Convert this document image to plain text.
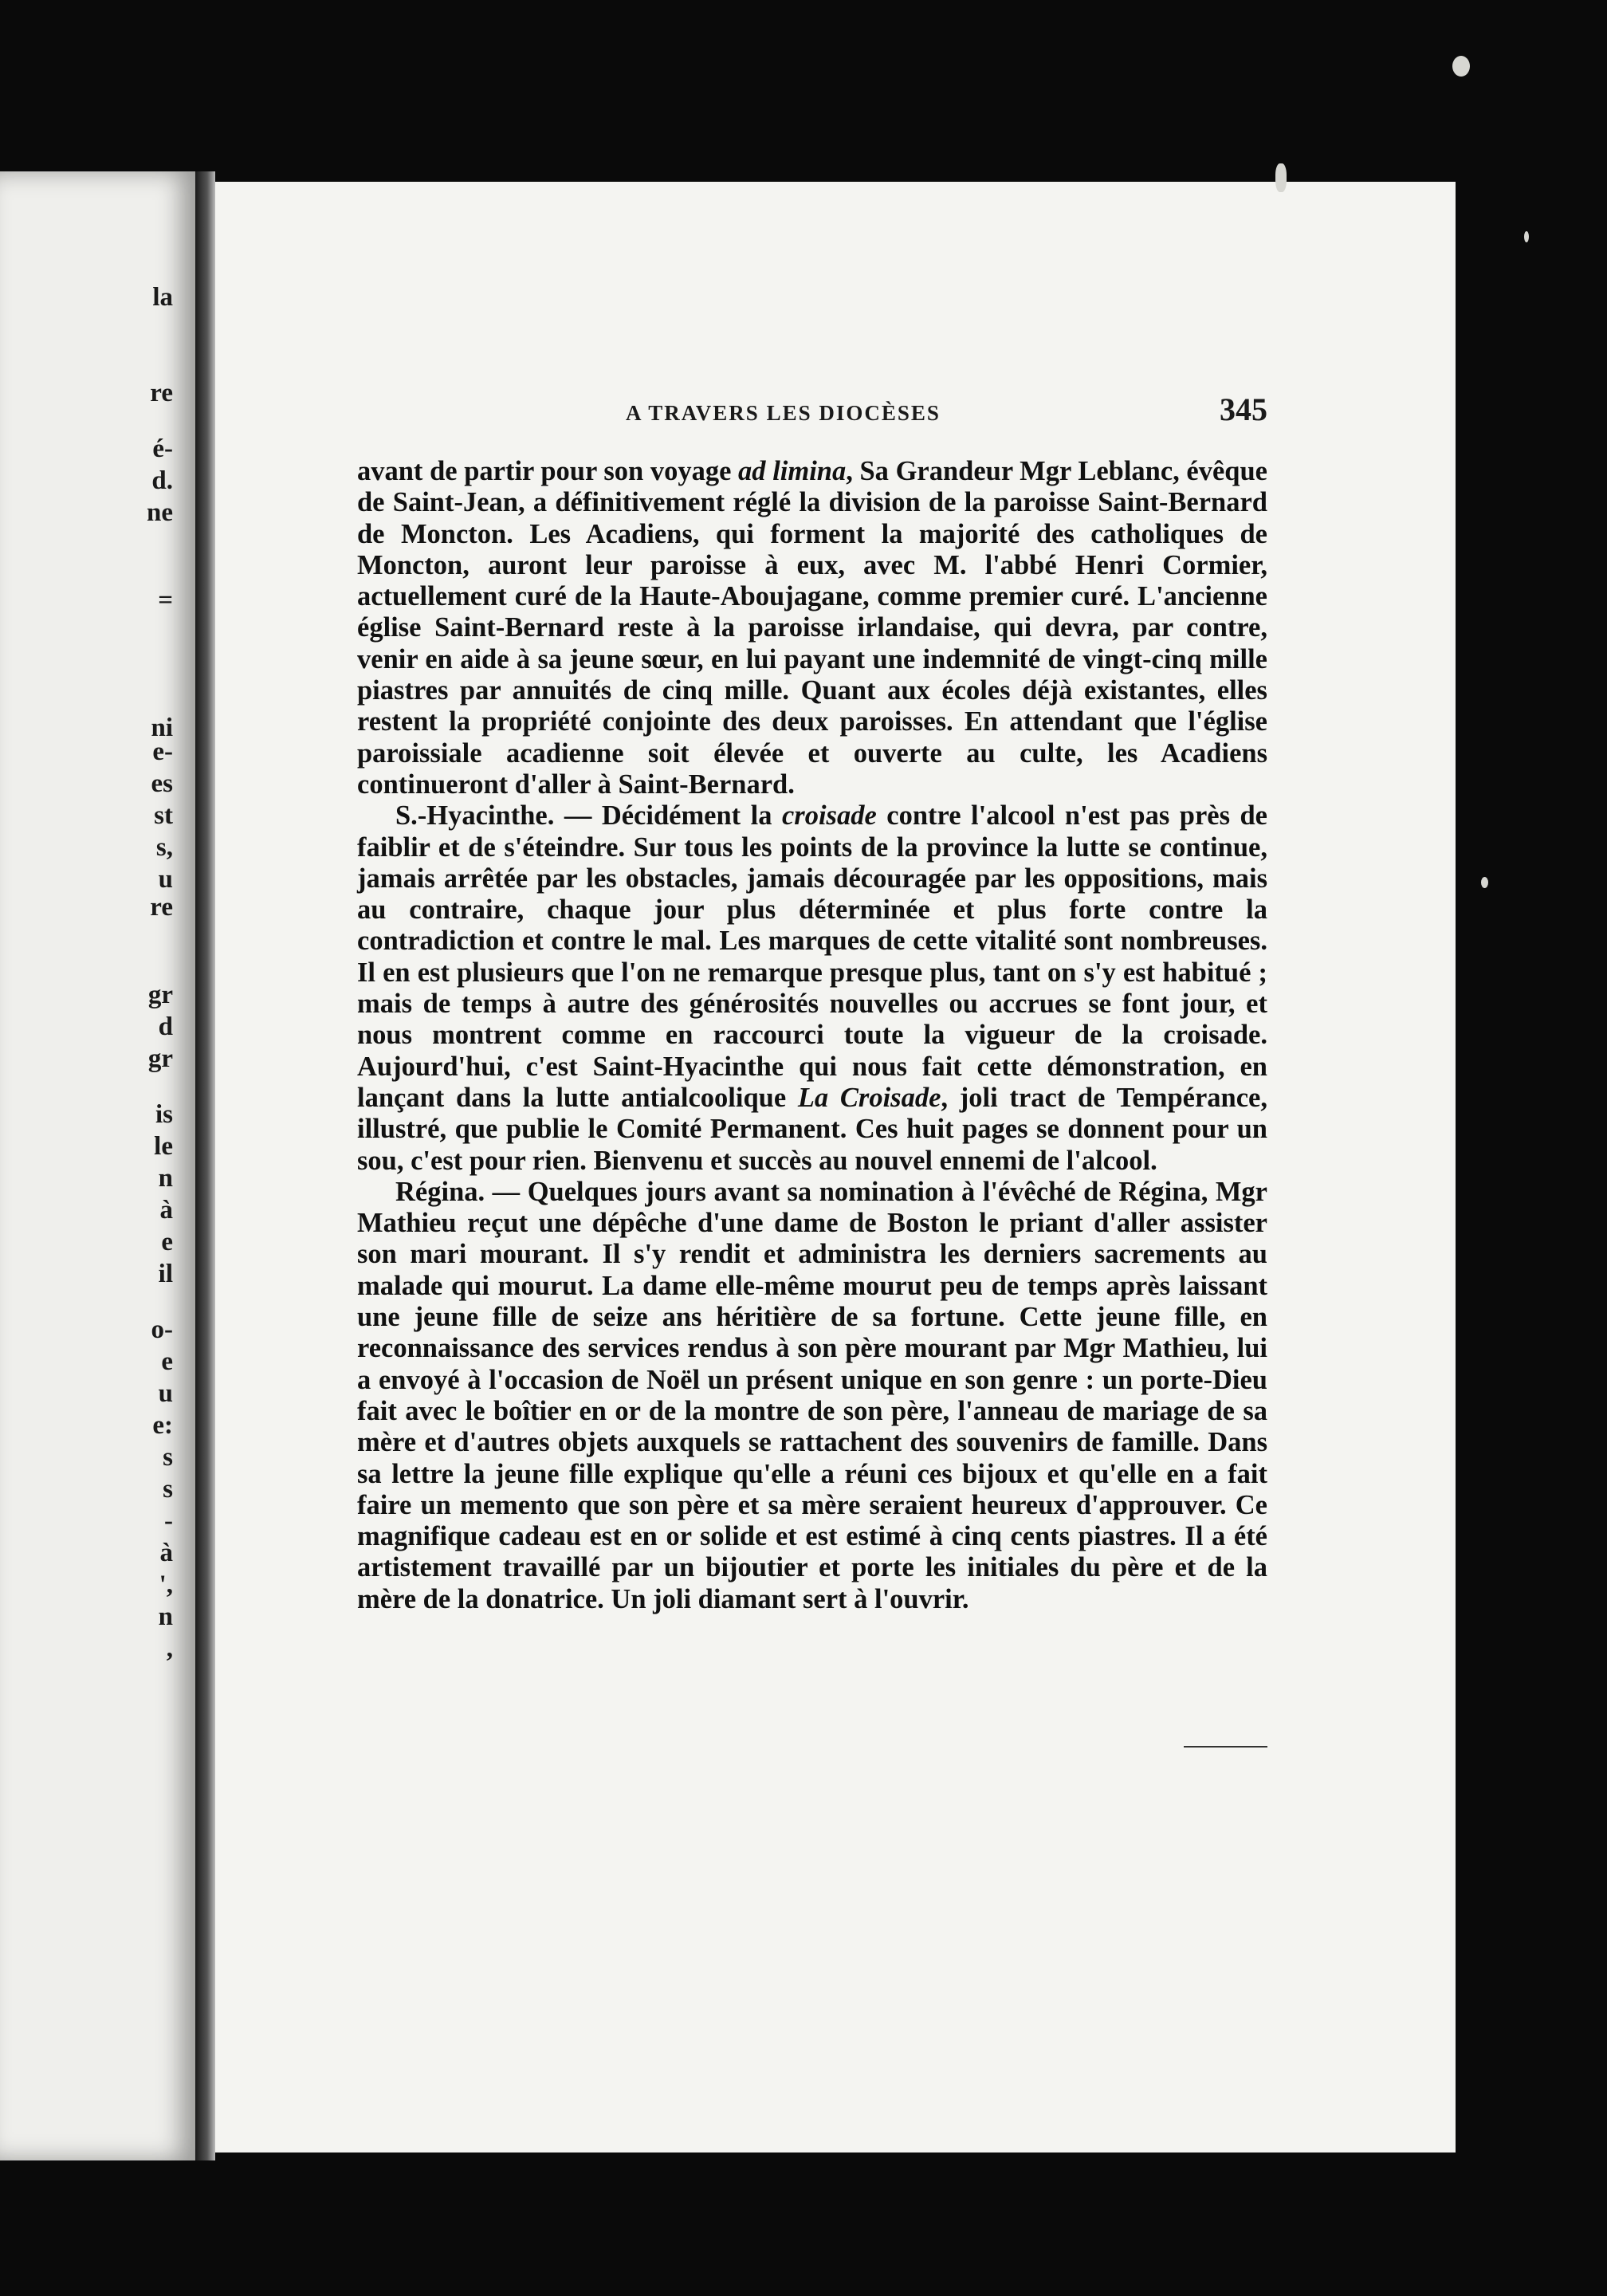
la
re
é-
d.
ne
=
ni
e-
es
st
s,
u
re
gr
d
gr
is
le
n
à
e
il
o-
e
u
e:
s
s
-
à
',
n
,
A TRAVERS LES DIOCÈSES	345

avant de partir pour son voyage ad limina, Sa Grandeur Mgr Leblanc, évêque de Saint-Jean, a définitivement réglé la division de la paroisse Saint-Bernard de Moncton. Les Acadiens, qui forment la majorité des catholiques de Moncton, auront leur paroisse à eux, avec M. l'abbé Henri Cormier, actuellement curé de la Haute-Aboujagane, comme premier curé. L'ancienne église Saint-Bernard reste à la paroisse irlandaise, qui devra, par contre, venir en aide à sa jeune sœur, en lui payant une indemnité de vingt-cinq mille piastres par annuités de cinq mille. Quant aux écoles déjà existantes, elles restent la propriété conjointe des deux paroisses. En attendant que l'église paroissiale acadienne soit élevée et ouverte au culte, les Acadiens continueront d'aller à Saint-Bernard.

S.-Hyacinthe. — Décidément la croisade contre l'alcool n'est pas près de faiblir et de s'éteindre. Sur tous les points de la province la lutte se continue, jamais arrêtée par les obstacles, jamais découragée par les oppositions, mais au contraire, chaque jour plus déterminée et plus forte contre la contradiction et contre le mal. Les marques de cette vitalité sont nombreuses. Il en est plusieurs que l'on ne remarque presque plus, tant on s'y est habitué ; mais de temps à autre des générosités nouvelles ou accrues se font jour, et nous montrent comme en raccourci toute la vigueur de la croisade. Aujourd'hui, c'est Saint-Hyacinthe qui nous fait cette démonstration, en lançant dans la lutte antialcoolique La Croisade, joli tract de Tempérance, illustré, que publie le Comité Permanent. Ces huit pages se donnent pour un sou, c'est pour rien. Bienvenu et succès au nouvel ennemi de l'alcool.

Régina. — Quelques jours avant sa nomination à l'évêché de Régina, Mgr Mathieu reçut une dépêche d'une dame de Boston le priant d'aller assister son mari mourant. Il s'y rendit et administra les derniers sacrements au malade qui mourut. La dame elle-même mourut peu de temps après laissant une jeune fille de seize ans héritière de sa fortune. Cette jeune fille, en reconnaissance des services rendus à son père mourant par Mgr Mathieu, lui a envoyé à l'occasion de Noël un présent unique en son genre : un porte-Dieu fait avec le boîtier en or de la montre de son père, l'anneau de mariage de sa mère et d'autres objets auxquels se rattachent des souvenirs de famille. Dans sa lettre la jeune fille explique qu'elle a réuni ces bijoux et qu'elle en a fait faire un memento que son père et sa mère seraient heureux d'approuver. Ce magnifique cadeau est en or solide et est estimé à cinq cents piastres. Il a été artistement travaillé par un bijoutier et porte les initiales du père et de la mère de la donatrice. Un joli diamant sert à l'ouvrir.
